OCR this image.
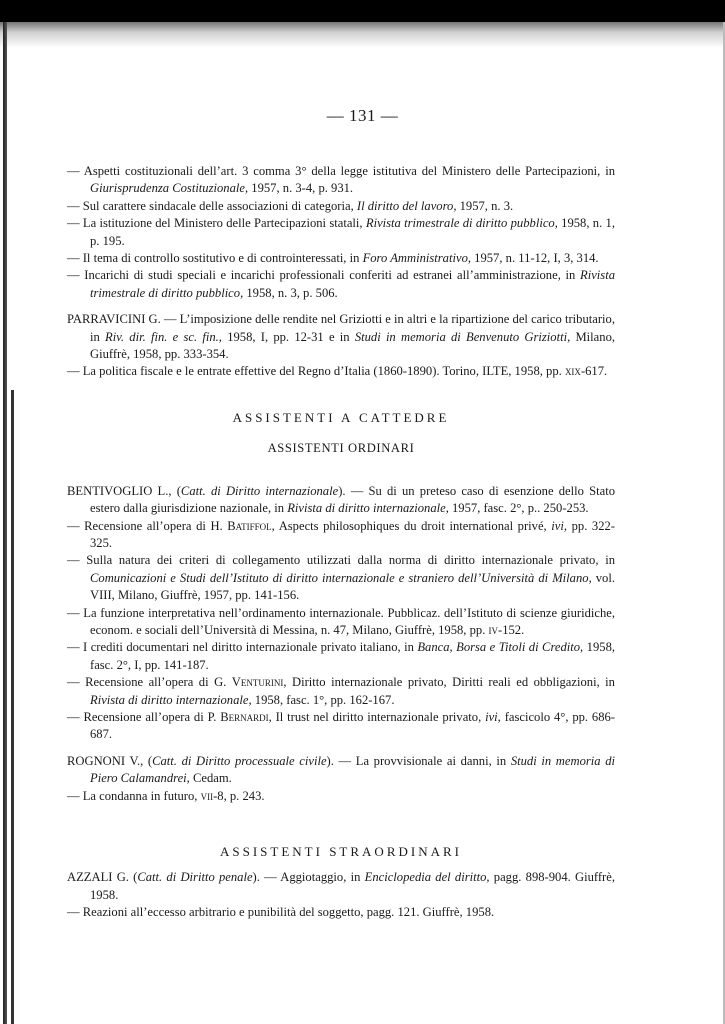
— 131 —

— Aspetti costituzionali dell’art. 3 comma 3° della legge istitutiva del Ministero delle Partecipazioni, in Giurisprudenza Costituzionale, 1957, n. 3-4, p. 931.

— Sul carattere sindacale delle associazioni di categoria, Il diritto del lavoro, 1957, n. 3.

— La istituzione del Ministero delle Partecipazioni statali, Rivista trimestrale di diritto pubblico, 1958, n. 1, p. 195.

— Il tema di controllo sostitutivo e di controinteressati, in Foro Amministrativo, 1957, n. 11-12, I, 3, 314.

— Incarichi di studi speciali e incarichi professionali conferiti ad estranei all’amministrazione, in Rivista trimestrale di diritto pubblico, 1958, n. 3, p. 506.

PARRAVICINI G. — L’imposizione delle rendite nel Griziotti e in altri e la ripartizione del carico tributario, in Riv. dir. fin. e sc. fin., 1958, I, pp. 12-31 e in Studi in memoria di Benvenuto Griziotti, Milano, Giuffrè, 1958, pp. 333-354.

— La politica fiscale e le entrate effettive del Regno d’Italia (1860-1890). Torino, ILTE, 1958, pp. xix-617.

ASSISTENTI A CATTEDRE
ASSISTENTI ORDINARI

BENTIVOGLIO L., (Catt. di Diritto internazionale). — Su di un preteso caso di esenzione dello Stato estero dalla giurisdizione nazionale, in Rivista di diritto internazionale, 1957, fasc. 2°, p.. 250-253.

— Recensione all’opera di H. Batiffol, Aspects philosophiques du droit international privé, ivi, pp. 322-325.

— Sulla natura dei criteri di collegamento utilizzati dalla norma di diritto internazionale privato, in Comunicazioni e Studi dell’Istituto di diritto internazionale e straniero dell’Università di Milano, vol. VIII, Milano, Giuffrè, 1957, pp. 141-156.

— La funzione interpretativa nell’ordinamento internazionale. Pubblicaz. dell’Istituto di scienze giuridiche, econom. e sociali dell’Università di Messina, n. 47, Milano, Giuffrè, 1958, pp. iv-152.

— I crediti documentari nel diritto internazionale privato italiano, in Banca, Borsa e Titoli di Credito, 1958, fasc. 2°, I, pp. 141-187.

— Recensione all’opera di G. Venturini, Diritto internazionale privato, Diritti reali ed obbligazioni, in Rivista di diritto internazionale, 1958, fasc. 1°, pp. 162-167.

— Recensione all’opera di P. Bernardi, Il trust nel diritto internazionale privato, ivi, fascicolo 4°, pp. 686-687.

ROGNONI V., (Catt. di Diritto processuale civile). — La provvisionale ai danni, in Studi in memoria di Piero Calamandrei, Cedam.

— La condanna in futuro, vii-8, p. 243.

ASSISTENTI STRAORDINARI

AZZALI G. (Catt. di Diritto penale). — Aggiotaggio, in Enciclopedia del diritto, pagg. 898-904. Giuffrè, 1958.

— Reazioni all’eccesso arbitrario e punibilità del soggetto, pagg. 121. Giuffrè, 1958.
